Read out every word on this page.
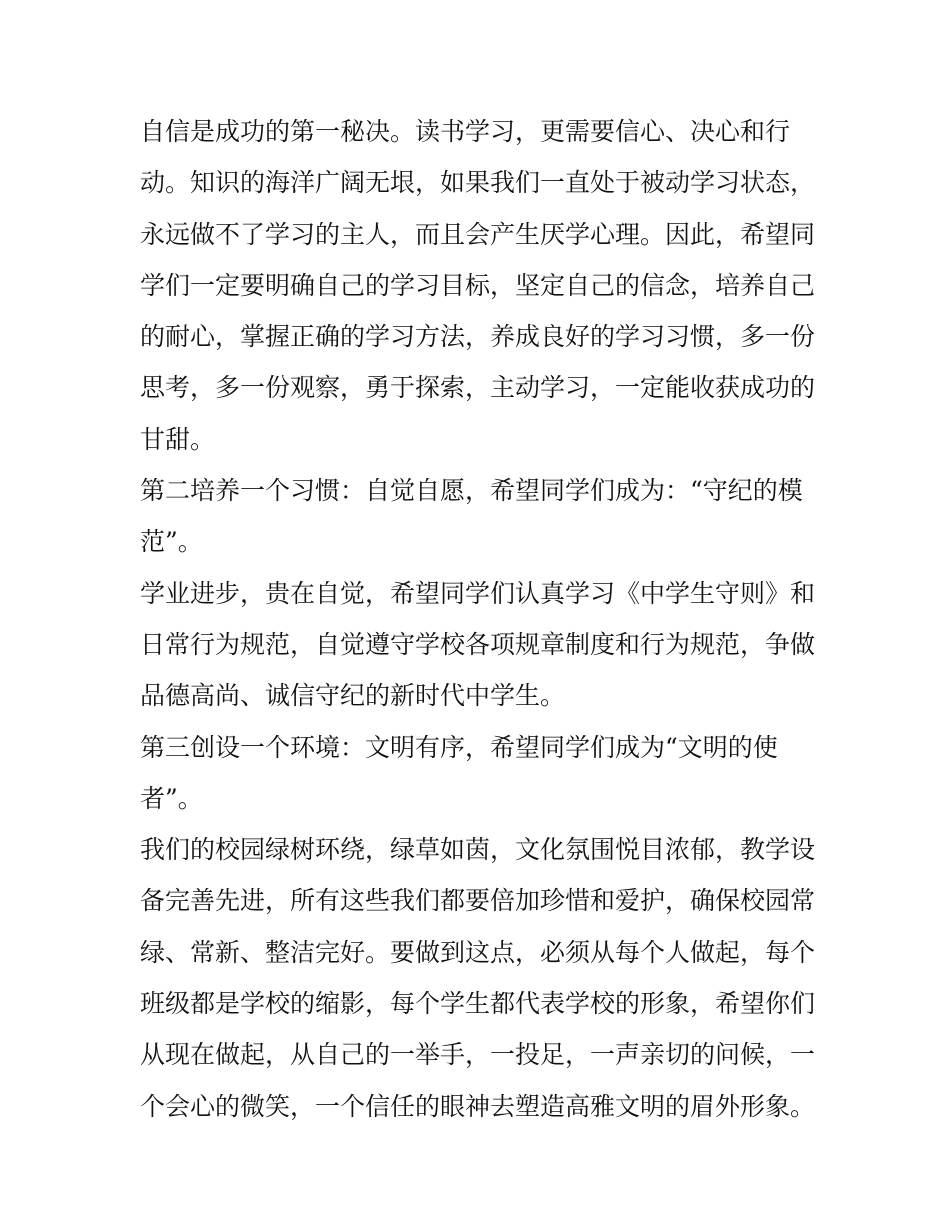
自信是成功的第一秘决。读书学习，更需要信心、决心和行
动。知识的海洋广阔无垠，如果我们一直处于被动学习状态，
永远做不了学习的主人，而且会产生厌学心理。因此，希望同
学们一定要明确自己的学习目标，坚定自己的信念，培养自己
的耐心，掌握正确的学习方法，养成良好的学习习惯，多一份
思考，多一份观察，勇于探索，主动学习，一定能收获成功的
甘甜。
第二培养一个习惯：自觉自愿，希望同学们成为：“守纪的模
范”。
学业进步，贵在自觉，希望同学们认真学习《中学生守则》和
日常行为规范，自觉遵守学校各项规章制度和行为规范，争做
品德高尚、诚信守纪的新时代中学生。
第三创设一个环境：文明有序，希望同学们成为“文明的使
者”。
我们的校园绿树环绕，绿草如茵，文化氛围悦目浓郁，教学设
备完善先进，所有这些我们都要倍加珍惜和爱护，确保校园常
绿、常新、整洁完好。要做到这点，必须从每个人做起，每个
班级都是学校的缩影，每个学生都代表学校的形象，希望你们
从现在做起，从自己的一举手，一投足，一声亲切的问候，一
个会心的微笑，一个信任的眼神去塑造高雅文明的眉外形象。
